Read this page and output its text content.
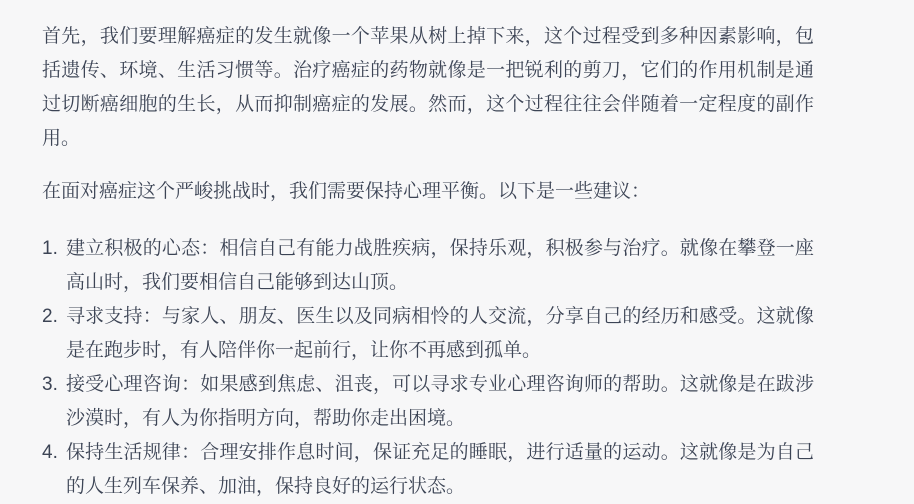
首先，我们要理解癌症的发生就像一个苹果从树上掉下来，这个过程受到多种因素影响，包括遗传、环境、生活习惯等。治疗癌症的药物就像是一把锐利的剪刀，它们的作用机制是通过切断癌细胞的生长，从而抑制癌症的发展。然而，这个过程往往会伴随着一定程度的副作用。

在面对癌症这个严峻挑战时，我们需要保持心理平衡。以下是一些建议：

1. 建立积极的心态：相信自己有能力战胜疾病，保持乐观，积极参与治疗。就像在攀登一座高山时，我们要相信自己能够到达山顶。
2. 寻求支持：与家人、朋友、医生以及同病相怜的人交流，分享自己的经历和感受。这就像是在跑步时，有人陪伴你一起前行，让你不再感到孤单。
3. 接受心理咨询：如果感到焦虑、沮丧，可以寻求专业心理咨询师的帮助。这就像是在跋涉沙漠时，有人为你指明方向，帮助你走出困境。
4. 保持生活规律：合理安排作息时间，保证充足的睡眠，进行适量的运动。这就像是为自己的人生列车保养、加油，保持良好的运行状态。
